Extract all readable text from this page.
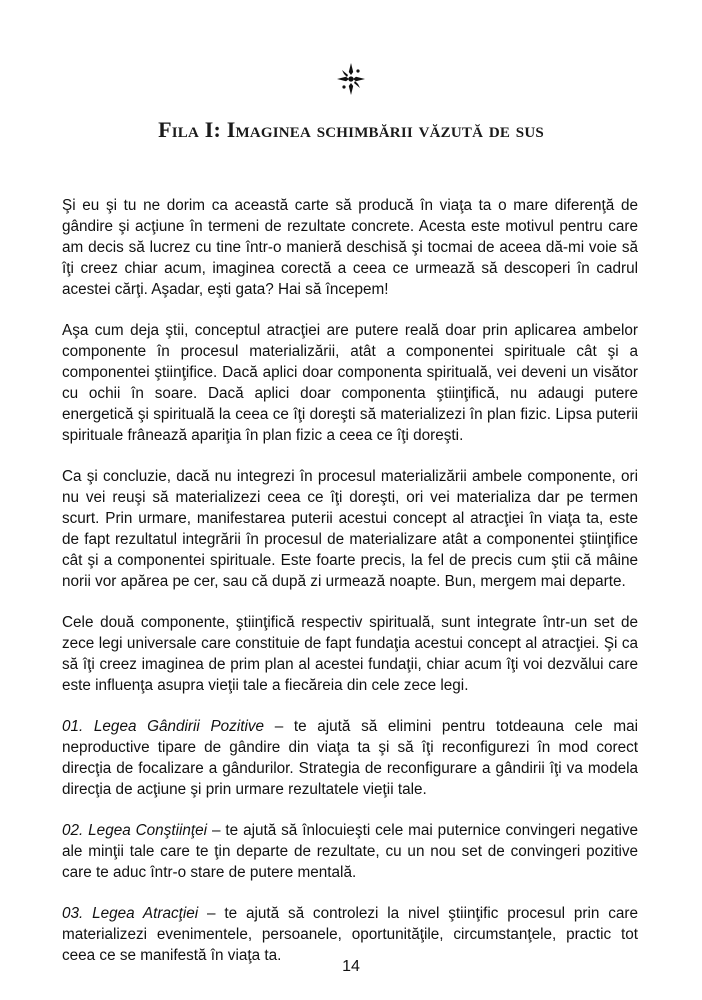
Fila I: Imaginea schimbării văzută de sus

Şi eu şi tu ne dorim ca această carte să producă în viaţa ta o mare diferenţă de gândire şi acţiune în termeni de rezultate concrete. Acesta este motivul pentru care am decis să lucrez cu tine într-o manieră deschisă şi tocmai de aceea dă-mi voie să îţi creez chiar acum, imaginea corectă a ceea ce urmează să descoperi în cadrul acestei cărţi. Aşadar, eşti gata? Hai să începem!

Aşa cum deja ştii, conceptul atracţiei are putere reală doar prin aplicarea ambelor componente în procesul materializării, atât a componentei spirituale cât şi a componentei ştiinţifice. Dacă aplici doar componenta spirituală, vei deveni un visător cu ochii în soare. Dacă aplici doar componenta ştiinţifică, nu adaugi putere energetică şi spirituală la ceea ce îţi doreşti să materializezi în plan fizic. Lipsa puterii spirituale frânează apariţia în plan fizic a ceea ce îţi doreşti.

Ca şi concluzie, dacă nu integrezi în procesul materializării ambele componente, ori nu vei reuşi să materializezi ceea ce îţi doreşti, ori vei materializa dar pe termen scurt. Prin urmare, manifestarea puterii acestui concept al atracţiei în viaţa ta, este de fapt rezultatul integrării în procesul de materializare atât a componentei ştiinţifice cât şi a componentei spirituale. Este foarte precis, la fel de precis cum ştii că mâine norii vor apărea pe cer, sau că după zi urmează noapte. Bun, mergem mai departe.

Cele două componente, ştiinţifică respectiv spirituală, sunt integrate într-un set de zece legi universale care constituie de fapt fundaţia acestui concept al atracţiei. Şi ca să îţi creez imaginea de prim plan al acestei fundaţii, chiar acum îţi voi dezvălui care este influenţa asupra vieţii tale a fiecăreia din cele zece legi.

01. Legea Gândirii Pozitive – te ajută să elimini pentru totdeauna cele mai neproductive tipare de gândire din viaţa ta şi să îţi reconfigurezi în mod corect direcţia de focalizare a gândurilor. Strategia de reconfigurare a gândirii îţi va modela direcţia de acţiune şi prin urmare rezultatele vieţii tale.

02. Legea Conştiinţei – te ajută să înlocuieşti cele mai puternice convingeri negative ale minţii tale care te ţin departe de rezultate, cu un nou set de convingeri pozitive care te aduc într-o stare de putere mentală.

03. Legea Atracţiei – te ajută să controlezi la nivel ştiinţific procesul prin care materializezi evenimentele, persoanele, oportunităţile, circumstanţele, practic tot ceea ce se manifestă în viaţa ta.

14
